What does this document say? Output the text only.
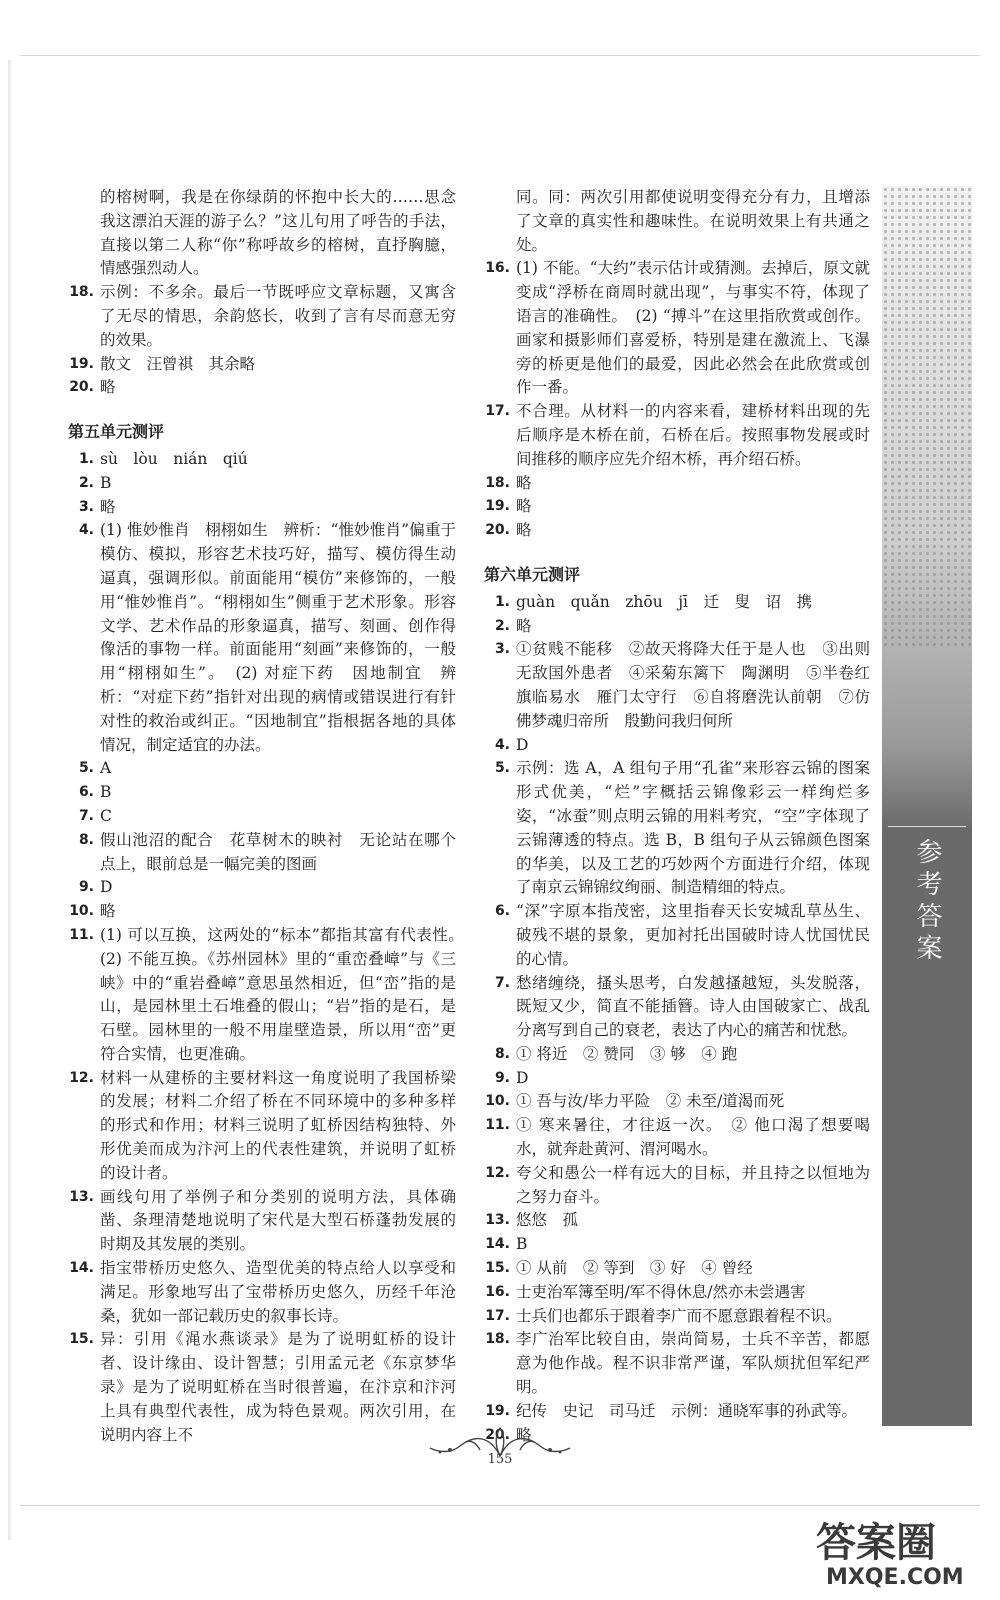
的榕树啊，我是在你绿荫的怀抱中长大的……思念我这漂泊天涯的游子么？”这儿句用了呼告的手法，直接以第二人称“你”称呼故乡的榕树，直抒胸臆，情感强烈动人。
18. 示例：不多余。最后一节既呼应文章标题，又寓含了无尽的情思，余韵悠长，收到了言有尽而意无穷的效果。
19. 散文　汪曾祺　其余略
20. 略
第五单元测评
1. sù　lòu　nián　qiú
2. B
3. 略
4. (1) 惟妙惟肖　栩栩如生　辨析：“惟妙惟肖”偏重于模仿、模拟，形容艺术技巧好，描写、模仿得生动逼真，强调形似。前面能用“模仿”来修饰的，一般用“惟妙惟肖”。“栩栩如生”侧重于艺术形象。形容文学、艺术作品的形象逼真，描写、刻画、创作得像活的事物一样。前面能用“刻画”来修饰的，一般用“栩栩如生”。　(2) 对症下药　因地制宜　辨析：“对症下药”指针对出现的病情或错误进行有针对性的救治或纠正。“因地制宜”指根据各地的具体情况，制定适宜的办法。
5. A
6. B
7. C
8. 假山池沼的配合　花草树木的映衬　无论站在哪个点上，眼前总是一幅完美的图画
9. D
10. 略
11. (1) 可以互换，这两处的“标本”都指其富有代表性。　(2) 不能互换。《苏州园林》里的“重峦叠嶂”与《三峡》中的“重岩叠嶂”意思虽然相近，但“峦”指的是山，是园林里土石堆叠的假山；“岩”指的是石，是石壁。园林里的一般不用崖壁造景，所以用“峦”更符合实情，也更准确。
12. 材料一从建桥的主要材料这一角度说明了我国桥梁的发展；材料二介绍了桥在不同环境中的多种多样的形式和作用；材料三说明了虹桥因结构独特、外形优美而成为汴河上的代表性建筑，并说明了虹桥的设计者。
13. 画线句用了举例子和分类别的说明方法，具体确凿、条理清楚地说明了宋代是大型石桥蓬勃发展的时期及其发展的类别。
14. 指宝带桥历史悠久、造型优美的特点给人以享受和满足。形象地写出了宝带桥历史悠久，历经千年沧桑，犹如一部记载历史的叙事长诗。
15. 异：引用《渑水燕谈录》是为了说明虹桥的设计者、设计缘由、设计智慧；引用孟元老《东京梦华录》是为了说明虹桥在当时很普遍，在汴京和汴河上具有典型代表性，成为特色景观。两次引用，在说明内容上不
同。同：两次引用都使说明变得充分有力，且增添了文章的真实性和趣味性。在说明效果上有共通之处。
16. (1) 不能。“大约”表示估计或猜测。去掉后，原文就变成“浮桥在商周时就出现”，与事实不符，体现了语言的准确性。　(2) “搏斗”在这里指欣赏或创作。画家和摄影师们喜爱桥，特别是建在激流上、飞瀑旁的桥更是他们的最爱，因此必然会在此欣赏或创作一番。
17. 不合理。从材料一的内容来看，建桥材料出现的先后顺序是木桥在前，石桥在后。按照事物发展或时间推移的顺序应先介绍木桥，再介绍石桥。
18. 略
19. 略
20. 略
第六单元测评
1. guàn　quǎn　zhōu　jī　迁　叟　诏　携
2. 略
3. ①贫贱不能移　②故天将降大任于是人也　③出则无敌国外患者　④采菊东篱下　陶渊明　⑤半卷红旗临易水　雁门太守行　⑥自将磨洗认前朝　⑦仿佛梦魂归帝所　殷勤问我归何所
4. D
5. 示例：选 A，A 组句子用“孔雀”来形容云锦的图案形式优美，“烂”字概括云锦像彩云一样绚烂多姿，“冰蚕”则点明云锦的用料考究，“空”字体现了云锦薄透的特点。选 B，B 组句子从云锦颜色图案的华美，以及工艺的巧妙两个方面进行介绍，体现了南京云锦锦纹绚丽、制造精细的特点。
6. “深”字原本指茂密，这里指春天长安城乱草丛生、破残不堪的景象，更加衬托出国破时诗人忧国忧民的心情。
7. 愁绪缠绕，搔头思考，白发越搔越短，头发脱落，既短又少，简直不能插簪。诗人由国破家亡、战乱分离写到自己的衰老，表达了内心的痛苦和忧愁。
8. ① 将近　② 赞同　③ 够　④ 跑
9. D
10. ① 吾与汝/毕力平险　② 未至/道渴而死
11. ① 寒来暑往，才往返一次。　② 他口渴了想要喝水，就奔赴黄河、渭河喝水。
12. 夸父和愚公一样有远大的目标，并且持之以恒地为之努力奋斗。
13. 悠悠　孤
14. B
15. ① 从前　② 等到　③ 好　④ 曾经
16. 士吏治军簿至明/军不得休息/然亦未尝遇害
17. 士兵们也都乐于跟着李广而不愿意跟着程不识。
18. 李广治军比较自由，崇尚简易，士兵不辛苦，都愿意为他作战。程不识非常严谨，军队烦扰但军纪严明。
19. 纪传　史记　司马迁　示例：通晓军事的孙武等。
20. 略
参考答案
155
答案圈
MXQE.COM
